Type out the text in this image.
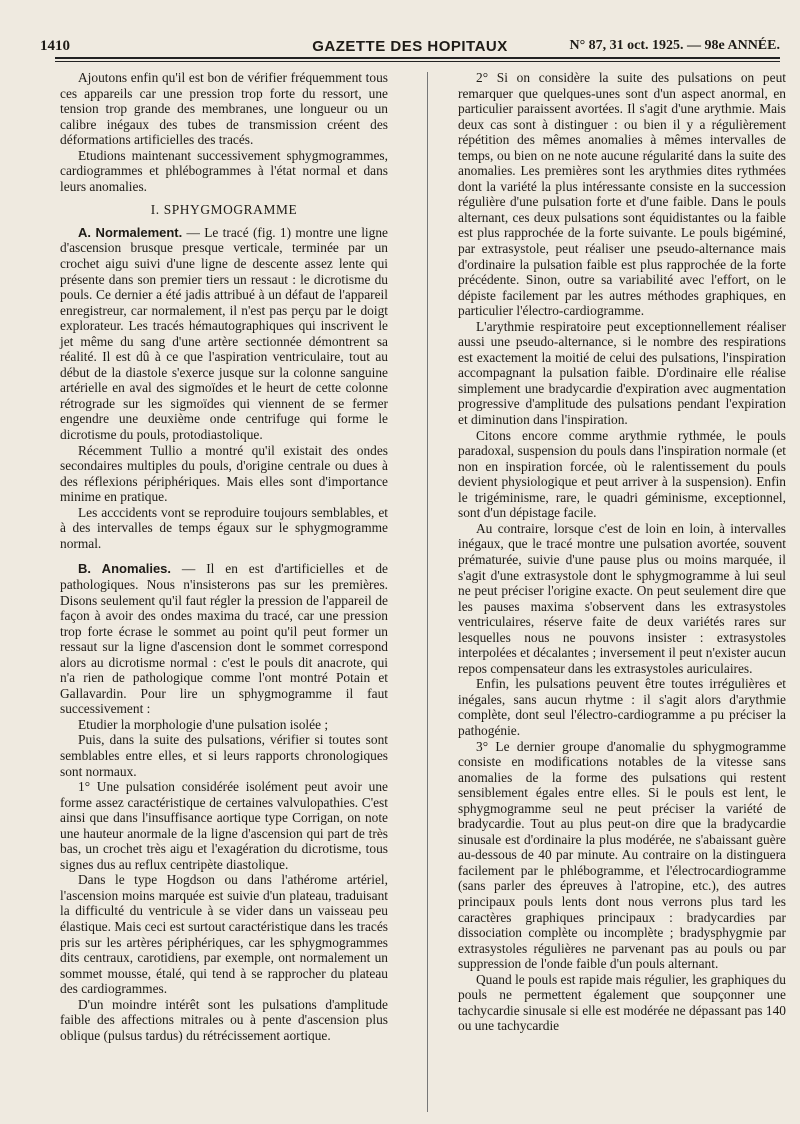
1410	GAZETTE DES HOPITAUX	N° 87, 31 oct. 1925. — 98e ANNÉE.

Ajoutons enfin qu'il est bon de vérifier fréquemment tous ces appareils car une pression trop forte du ressort, une tension trop grande des membranes, une longueur ou un calibre inégaux des tubes de transmission créent des déformations artificielles des tracés.

Etudions maintenant successivement sphygmogrammes, cardiogrammes et phlébogrammes à l'état normal et dans leurs anomalies.

I. SPHYGMOGRAMME

A. Normalement. — Le tracé (fig. 1) montre une ligne d'ascension brusque presque verticale, terminée par un crochet aigu suivi d'une ligne de descente assez lente qui présente dans son premier tiers un ressaut : le dicrotisme du pouls. Ce dernier a été jadis attribué à un défaut de l'appareil enregistreur, car normalement, il n'est pas perçu par le doigt explorateur. Les tracés hémautographiques qui inscrivent le jet même du sang d'une artère sectionnée démontrent sa réalité. Il est dû à ce que l'aspiration ventriculaire, tout au début de la diastole s'exerce jusque sur la colonne sanguine artérielle en aval des sigmoïdes et le heurt de cette colonne rétrograde sur les sigmoïdes qui viennent de se fermer engendre une deuxième onde centrifuge qui forme le dicrotisme du pouls, protodiastolique.

Récemment Tullio a montré qu'il existait des ondes secondaires multiples du pouls, d'origine centrale ou dues à des réflexions périphériques. Mais elles sont d'importance minime en pratique.

Les acccidents vont se reproduire toujours semblables, et à des intervalles de temps égaux sur le sphygmogramme normal.

B. Anomalies. — Il en est d'artificielles et de pathologiques. Nous n'insisterons pas sur les premières. Disons seulement qu'il faut régler la pression de l'appareil de façon à avoir des ondes maxima du tracé, car une pression trop forte écrase le sommet au point qu'il peut former un ressaut sur la ligne d'ascension dont le sommet correspond alors au dicrotisme normal : c'est le pouls dit anacrote, qui n'a rien de pathologique comme l'ont montré Potain et Gallavardin. Pour lire un sphygmogramme il faut successivement :

Etudier la morphologie d'une pulsation isolée ;

Puis, dans la suite des pulsations, vérifier si toutes sont semblables entre elles, et si leurs rapports chronologiques sont normaux.

1° Une pulsation considérée isolément peut avoir une forme assez caractéristique de certaines valvulopathies. C'est ainsi que dans l'insuffisance aortique type Corrigan, on note une hauteur anormale de la ligne d'ascension qui part de très bas, un crochet très aigu et l'exagération du dicrotisme, tous signes dus au reflux centripète diastolique.

Dans le type Hogdson ou dans l'athérome artériel, l'ascension moins marquée est suivie d'un plateau, traduisant la difficulté du ventricule à se vider dans un vaisseau peu élastique. Mais ceci est surtout caractéristique dans les tracés pris sur les artères périphériques, car les sphygmogrammes dits centraux, carotidiens, par exemple, ont normalement un sommet mousse, étalé, qui tend à se rapprocher du plateau des cardiogrammes.

D'un moindre intérêt sont les pulsations d'amplitude faible des affections mitrales ou à pente d'ascension plus oblique (pulsus tardus) du rétrécissement aortique.

2° Si on considère la suite des pulsations on peut remarquer que quelques-unes sont d'un aspect anormal, en particulier paraissent avortées. Il s'agit d'une arythmie. Mais deux cas sont à distinguer : ou bien il y a régulièrement répétition des mêmes anomalies à mêmes intervalles de temps, ou bien on ne note aucune régularité dans la suite des anomalies. Les premières sont les arythmies dites rythmées dont la variété la plus intéressante consiste en la succession régulière d'une pulsation forte et d'une faible. Dans le pouls alternant, ces deux pulsations sont équidistantes ou la faible est plus rapprochée de la forte suivante. Le pouls bigéminé, par extrasystole, peut réaliser une pseudo-alternance mais d'ordinaire la pulsation faible est plus rapprochée de la forte précédente. Sinon, outre sa variabilité avec l'effort, on le dépiste facilement par les autres méthodes graphiques, en particulier l'électro-cardiogramme.

L'arythmie respiratoire peut exceptionnellement réaliser aussi une pseudo-alternance, si le nombre des respirations est exactement la moitié de celui des pulsations, l'inspiration accompagnant la pulsation faible. D'ordinaire elle réalise simplement une bradycardie d'expiration avec augmentation progressive d'amplitude des pulsations pendant l'expiration et diminution dans l'inspiration.

Citons encore comme arythmie rythmée, le pouls paradoxal, suspension du pouls dans l'inspiration normale (et non en inspiration forcée, où le ralentissement du pouls devient physiologique et peut arriver à la suspension). Enfin le trigéminisme, rare, le quadri géminisme, exceptionnel, sont d'un dépistage facile.

Au contraire, lorsque c'est de loin en loin, à intervalles inégaux, que le tracé montre une pulsation avortée, souvent prématurée, suivie d'une pause plus ou moins marquée, il s'agit d'une extrasystole dont le sphygmogramme à lui seul ne peut préciser l'origine exacte. On peut seulement dire que les pauses maxima s'observent dans les extrasystoles ventriculaires, réserve faite de deux variétés rares sur lesquelles nous ne pouvons insister : extrasystoles interpolées et décalantes ; inversement il peut n'exister aucun repos compensateur dans les extrasystoles auriculaires.

Enfin, les pulsations peuvent être toutes irrégulières et inégales, sans aucun rhytme : il s'agit alors d'arythmie complète, dont seul l'électro-cardiogramme a pu préciser la pathogénie.

3° Le dernier groupe d'anomalie du sphygmogramme consiste en modifications notables de la vitesse sans anomalies de la forme des pulsations qui restent sensiblement égales entre elles. Si le pouls est lent, le sphygmogramme seul ne peut préciser la variété de bradycardie. Tout au plus peut-on dire que la bradycardie sinusale est d'ordinaire la plus modérée, ne s'abaissant guère au-dessous de 40 par minute. Au contraire on la distinguera facilement par le phlébogramme, et l'électrocardiogramme (sans parler des épreuves à l'atropine, etc.), des autres principaux pouls lents dont nous verrons plus tard les caractères graphiques principaux : bradycardies par dissociation complète ou incomplète ; bradysphygmie par extrasystoles régulières ne parvenant pas au pouls ou par suppression de l'onde faible d'un pouls alternant.

Quand le pouls est rapide mais régulier, les graphiques du pouls ne permettent également que soupçonner une tachycardie sinusale si elle est modérée ne dépassant pas 140 ou une tachycardie
